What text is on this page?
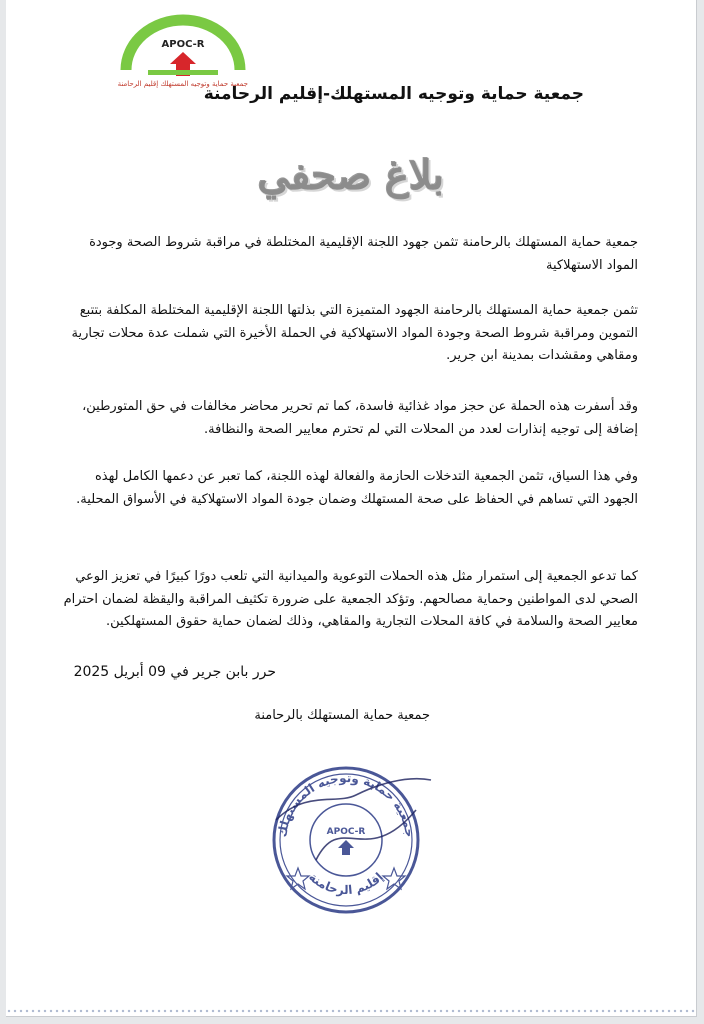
APOC-R
جمعية حماية وتوجيه المستهلك إقليم الرحامنة
جمعية حماية وتوجيه المستهلك-إقليم الرحامنة
بلاغ صحفي
جمعية حماية المستهلك بالرحامنة تثمن جهود اللجنة الإقليمية المختلطة في مراقبة شروط الصحة وجودة المواد الاستهلاكية
تثمن جمعية حماية المستهلك بالرحامنة الجهود المتميزة التي بذلتها اللجنة الإقليمية المختلطة المكلفة بتتبع التموين ومراقبة شروط الصحة وجودة المواد الاستهلاكية في الحملة الأخيرة التي شملت عدة محلات تجارية ومقاهي ومقشدات بمدينة ابن جرير.
وقد أسفرت هذه الحملة عن حجز مواد غذائية فاسدة، كما تم تحرير محاضر مخالفات في حق المتورطين، إضافة إلى توجيه إنذارات لعدد من المحلات التي لم تحترم معايير الصحة والنظافة.
وفي هذا السياق، تثمن الجمعية التدخلات الحازمة والفعالة لهذه اللجنة، كما تعبر عن دعمها الكامل لهذه الجهود التي تساهم في الحفاظ على صحة المستهلك وضمان جودة المواد الاستهلاكية في الأسواق المحلية.
كما تدعو الجمعية إلى استمرار مثل هذه الحملات التوعوية والميدانية التي تلعب دورًا كبيرًا في تعزيز الوعي الصحي لدى المواطنين وحماية مصالحهم. وتؤكد الجمعية على ضرورة تكثيف المراقبة واليقظة لضمان احترام معايير الصحة والسلامة في كافة المحلات التجارية والمقاهي، وذلك لضمان حماية حقوق المستهلكين.
حرر بابن جرير في 09 أبريل 2025
جمعية حماية المستهلك بالرحامنة
جمعية حماية وتوجيه المستهلك
إقليم الرحامنة
APOC-R
